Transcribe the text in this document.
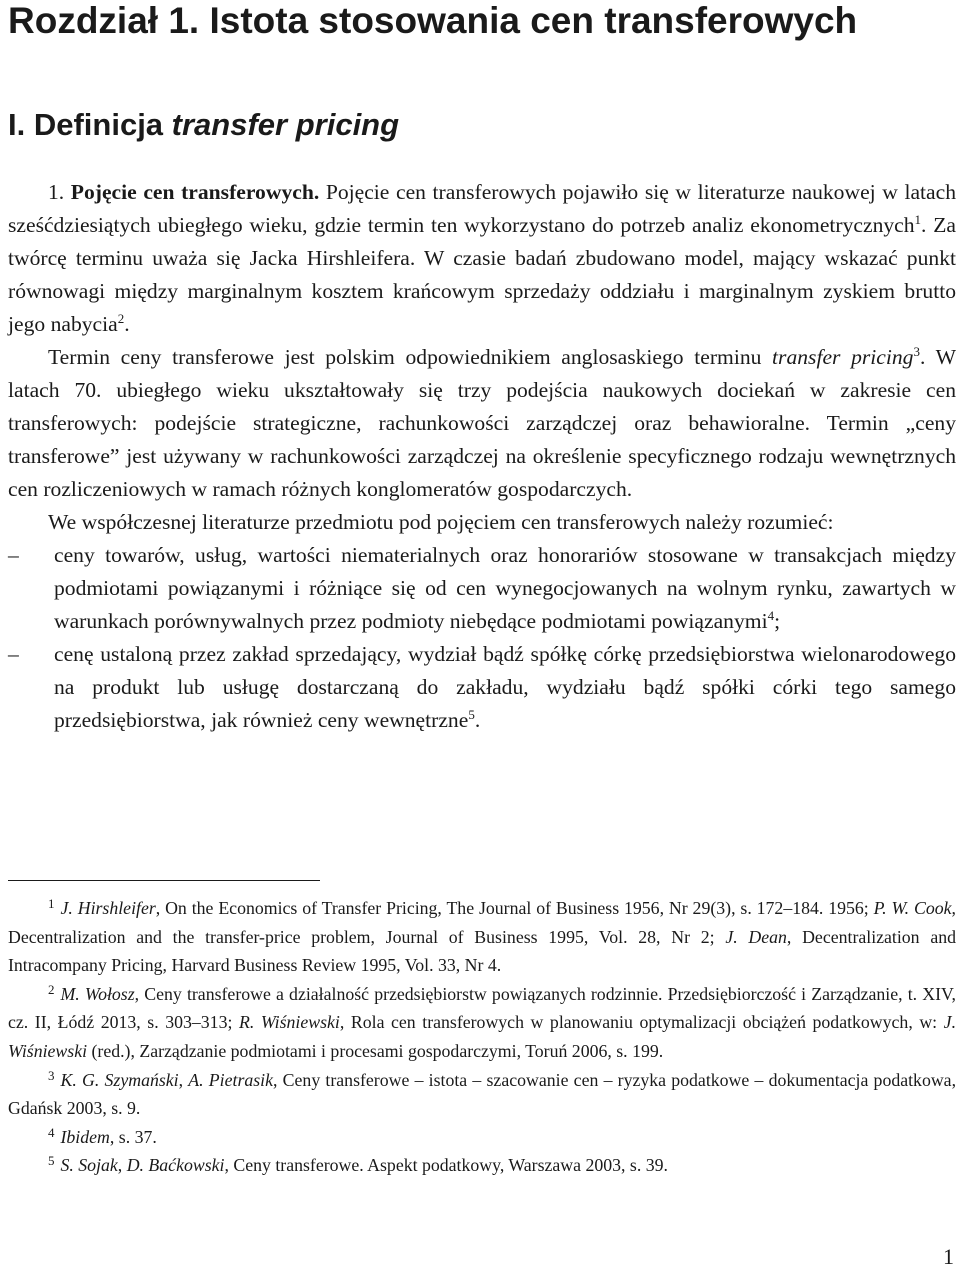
Rozdział 1. Istota stosowania cen transferowych
I. Definicja transfer pricing

1. Pojęcie cen transferowych. Pojęcie cen transferowych pojawiło się w literaturze naukowej w latach sześćdziesiątych ubiegłego wieku, gdzie termin ten wykorzystano do potrzeb analiz ekonometrycznych$^1$. Za twórcę terminu uważa się Jacka Hirshleifera. W czasie badań zbudowano model, mający wskazać punkt równowagi między marginalnym kosztem krańcowym sprzedaży oddziału i marginalnym zyskiem brutto jego nabycia$^2$.

Termin ceny transferowe jest polskim odpowiednikiem anglosaskiego terminu transfer pricing$^3$. W latach 70. ubiegłego wieku ukształtowały się trzy podejścia naukowych dociekań w zakresie cen transferowych: podejście strategiczne, rachunkowości zarządczej oraz behawioralne. Termin „ceny transferowe” jest używany w rachunkowości zarządczej na określenie specyficznego rodzaju wewnętrznych cen rozliczeniowych w ramach różnych konglomeratów gospodarczych.

We współczesnej literaturze przedmiotu pod pojęciem cen transferowych należy rozumieć:

– ceny towarów, usług, wartości niematerialnych oraz honorariów stosowane w transakcjach między podmiotami powiązanymi i różniące się od cen wynegocjowanych na wolnym rynku, zawartych w warunkach porównywalnych przez podmioty niebędące podmiotami powiązanymi$^4$;
– cenę ustaloną przez zakład sprzedający, wydział bądź spółkę córkę przedsiębiorstwa wielonarodowego na produkt lub usługę dostarczaną do zakładu, wydziału bądź spółki córki tego samego przedsiębiorstwa, jak również ceny wewnętrzne$^5$.

$^1$ J. Hirshleifer, On the Economics of Transfer Pricing, The Journal of Business 1956, Nr 29(3), s. 172–184. 1956; P. W. Cook, Decentralization and the transfer-price problem, Journal of Business 1995, Vol. 28, Nr 2; J. Dean, Decentralization and Intracompany Pricing, Harvard Business Review 1995, Vol. 33, Nr 4.

$^2$ M. Wołosz, Ceny transferowe a działalność przedsiębiorstw powiązanych rodzinnie. Przedsiębiorczość i Zarządzanie, t. XIV, cz. II, Łódź 2013, s. 303–313; R. Wiśniewski, Rola cen transferowych w planowaniu optymalizacji obciążeń podatkowych, w: J. Wiśniewski (red.), Zarządzanie podmiotami i procesami gospodarczymi, Toruń 2006, s. 199.

$^3$ K. G. Szymański, A. Pietrasik, Ceny transferowe – istota – szacowanie cen – ryzyka podatkowe – dokumentacja podatkowa, Gdańsk 2003, s. 9.

$^4$ Ibidem, s. 37.

$^5$ S. Sojak, D. Baćkowski, Ceny transferowe. Aspekt podatkowy, Warszawa 2003, s. 39.

1
